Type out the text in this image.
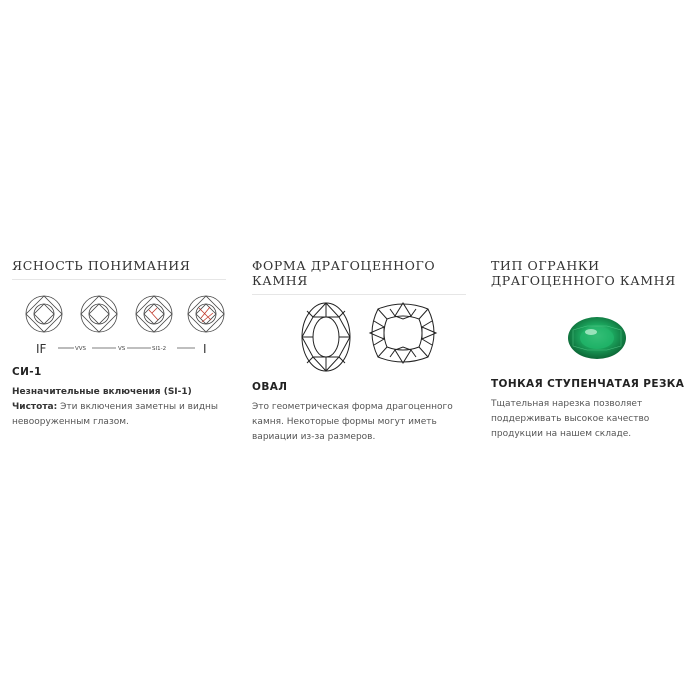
ЯСНОСТЬ ПОНИМАНИЯ
IF	VVS	VS	SI1-2	I
СИ-1

Незначительные включения (SI-1) Чистота: Эти включения заметны и видны невооруженным глазом.

ФОРМА ДРАГОЦЕННОГО КАМНЯ
ОВАЛ

Это геометрическая форма драгоценного камня. Некоторые формы могут иметь вариации из-за размеров.

ТИП ОГРАНКИ ДРАГОЦЕННОГО КАМНЯ
ТОНКАЯ СТУПЕНЧАТАЯ РЕЗКА

Тщательная нарезка позволяет поддерживать высокое качество продукции на нашем складе.
